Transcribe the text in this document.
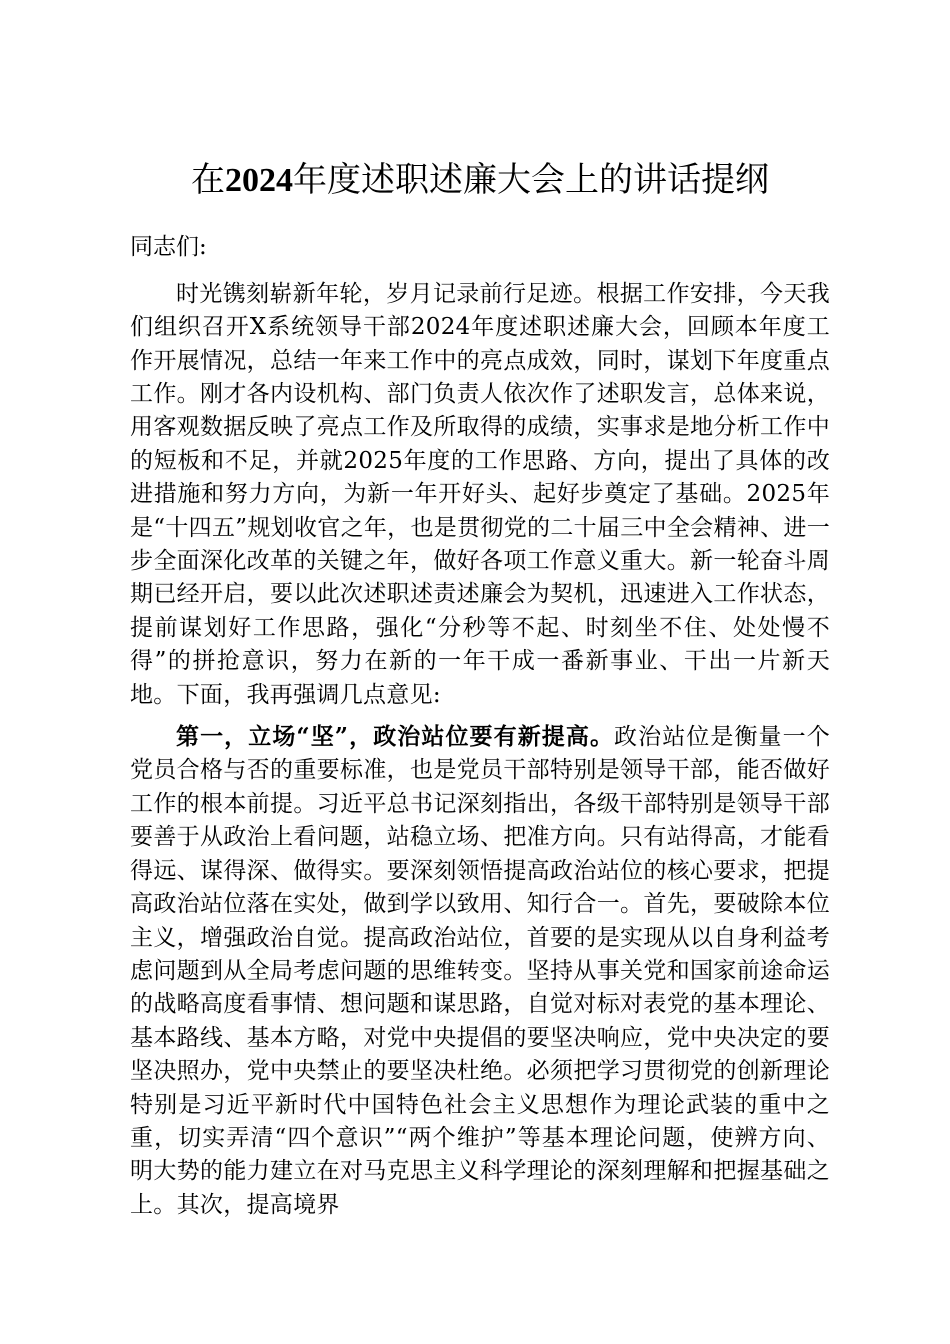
在2024年度述职述廉大会上的讲话提纲

同志们:

时光镌刻崭新年轮，岁月记录前行足迹。根据工作安排，今天我们组织召开X系统领导干部2024年度述职述廉大会，回顾本年度工作开展情况，总结一年来工作中的亮点成效，同时，谋划下年度重点工作。刚才各内设机构、部门负责人依次作了述职发言，总体来说，用客观数据反映了亮点工作及所取得的成绩，实事求是地分析工作中的短板和不足，并就2025年度的工作思路、方向，提出了具体的改进措施和努力方向，为新一年开好头、起好步奠定了基础。2025年是“十四五”规划收官之年，也是贯彻党的二十届三中全会精神、进一步全面深化改革的关键之年，做好各项工作意义重大。新一轮奋斗周期已经开启，要以此次述职述责述廉会为契机，迅速进入工作状态，提前谋划好工作思路，强化“分秒等不起、时刻坐不住、处处慢不得”的拼抢意识，努力在新的一年干成一番新事业、干出一片新天地。下面，我再强调几点意见:

第一，立场“坚”，政治站位要有新提高。政治站位是衡量一个党员合格与否的重要标准，也是党员干部特别是领导干部，能否做好工作的根本前提。习近平总书记深刻指出，各级干部特别是领导干部要善于从政治上看问题，站稳立场、把准方向。只有站得高，才能看得远、谋得深、做得实。要深刻领悟提高政治站位的核心要求，把提高政治站位落在实处，做到学以致用、知行合一。首先，要破除本位主义，增强政治自觉。提高政治站位，首要的是实现从以自身利益考虑问题到从全局考虑问题的思维转变。坚持从事关党和国家前途命运的战略高度看事情、想问题和谋思路，自觉对标对表党的基本理论、基本路线、基本方略，对党中央提倡的要坚决响应，党中央决定的要坚决照办，党中央禁止的要坚决杜绝。必须把学习贯彻党的创新理论特别是习近平新时代中国特色社会主义思想作为理论武装的重中之重，切实弄清“四个意识”“两个维护”等基本理论问题，使辨方向、明大势的能力建立在对马克思主义科学理论的深刻理解和把握基础之上。其次，提高境界
